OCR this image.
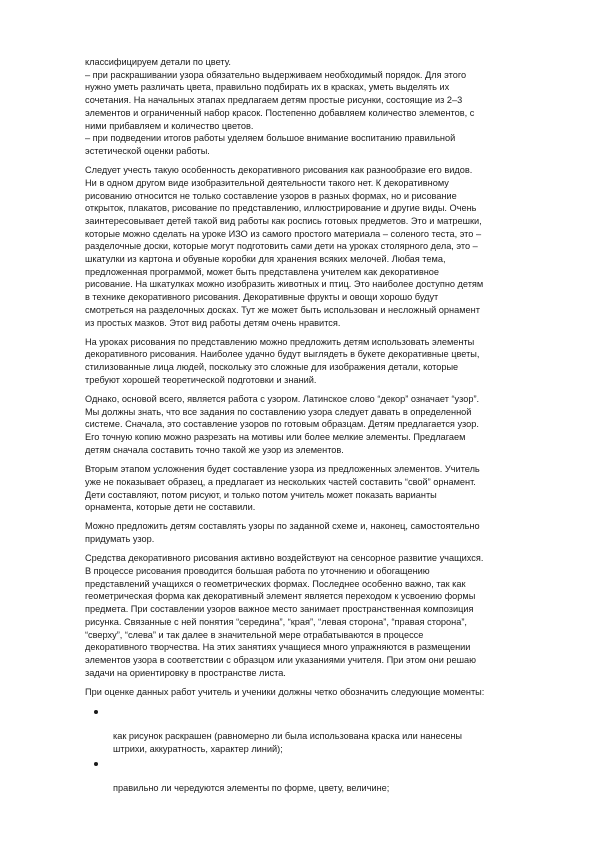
классифицируем детали по цвету.
– при раскрашивании узора обязательно выдерживаем необходимый порядок. Для этого
нужно уметь различать цвета, правильно подбирать их в красках, уметь выделять их
сочетания. На начальных этапах предлагаем детям простые рисунки, состоящие из 2–3
элементов и ограниченный набор красок. Постепенно добавляем количество элементов, с
ними прибавляем и количество цветов.
– при подведении итогов работы уделяем большое внимание воспитанию правильной
эстетической оценки работы.

Следует учесть такую особенность декоративного рисования как разнообразие его видов.
Ни в одном другом виде изобразительной деятельности такого нет. К декоративному
рисованию относится не только составление узоров в разных формах, но и рисование
открыток, плакатов, рисование по представлению, иллюстрирование и другие виды. Очень
заинтересовывает детей такой вид работы как роспись готовых предметов. Это и матрешки,
которые можно сделать на уроке ИЗО из самого простого материала – соленого теста, это –
разделочные доски, которые могут подготовить сами дети на уроках столярного дела, это –
шкатулки из картона и обувные коробки для хранения всяких мелочей. Любая тема,
предложенная программой, может быть представлена учителем как декоративное
рисование. На шкатулках можно изобразить животных и птиц. Это наиболее доступно детям
в технике декоративного рисования. Декоративные фрукты и овощи хорошо будут
смотреться на разделочных досках. Тут же может быть использован и несложный орнамент
из простых мазков. Этот вид работы детям очень нравится.

На уроках рисования по представлению можно предложить детям использовать элементы
декоративного рисования. Наиболее удачно будут выглядеть в букете декоративные цветы,
стилизованные лица людей, поскольку это сложные для изображения детали, которые
требуют хорошей теоретической подготовки и знаний.

Однако, основой всего, является работа с узором. Латинское слово “декор” означает “узор”.
Мы должны знать, что все задания по составлению узора следует давать в определенной
системе. Сначала, это составление узоров по готовым образцам. Детям предлагается узор.
Его точную копию можно разрезать на мотивы или более мелкие элементы. Предлагаем
детям сначала составить точно такой же узор из элементов.

Вторым этапом усложнения будет составление узора из предложенных элементов. Учитель
уже не показывает образец, а предлагает из нескольких частей составить “свой” орнамент.
Дети составляют, потом рисуют, и только потом учитель может показать варианты
орнамента, которые дети не составили.

Можно предложить детям составлять узоры по заданной схеме и, наконец, самостоятельно
придумать узор.

Средства декоративного рисования активно воздействуют на сенсорное развитие учащихся.
В процессе рисования проводится большая работа по уточнению и обогащению
представлений учащихся о геометрических формах. Последнее особенно важно, так как
геометрическая форма как декоративный элемент является переходом к усвоению формы
предмета. При составлении узоров важное место занимает пространственная композиция
рисунка. Связанные с ней понятия “середина”, “края”, “левая сторона”, “правая сторона”,
“сверху”, “слева” и так далее в значительной мере отрабатываются в процессе
декоративного творчества. На этих занятиях учащиеся много упражняются в размещении
элементов узора в соответствии с образцом или указаниями учителя. При этом они решаю
задачи на ориентировку в пространстве листа.

При оценке данных работ учитель и ученики должны четко обозначить следующие моменты:

как рисунок раскрашен (равномерно ли была использована краска или нанесены
штрихи, аккуратность, характер линий);

правильно ли чередуются элементы по форме, цвету, величине;
